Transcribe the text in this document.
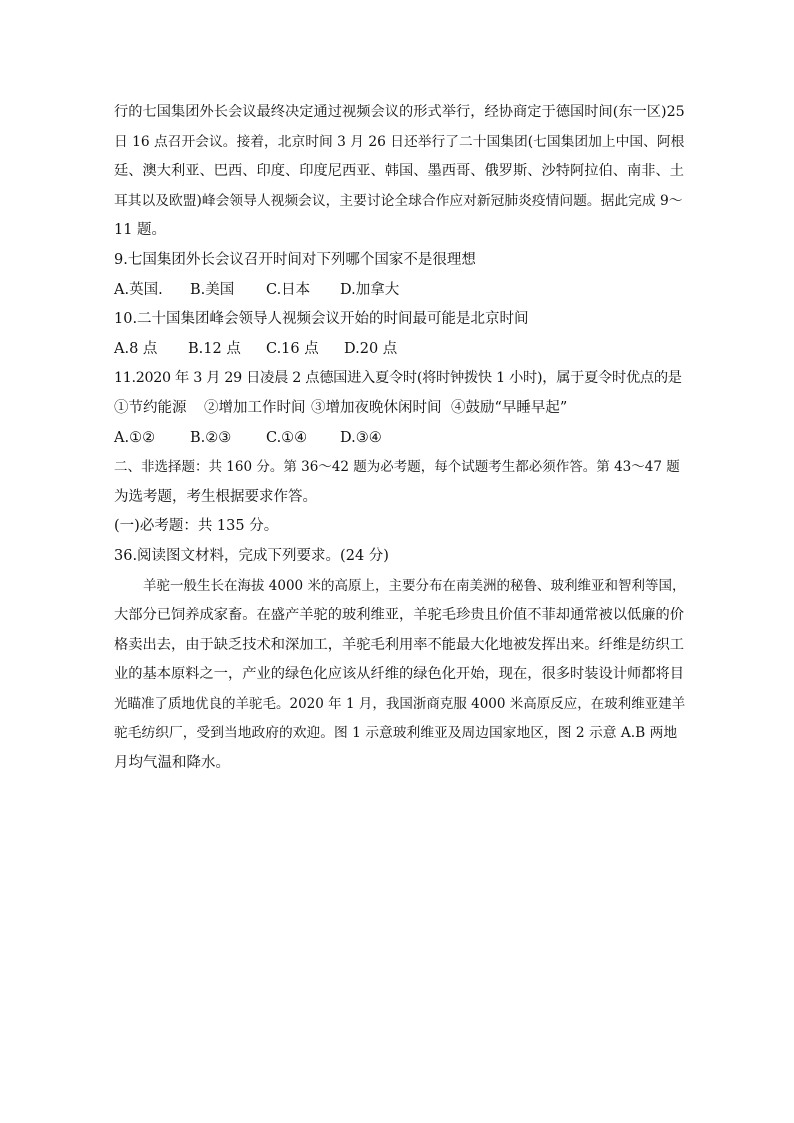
行的七国集团外长会议最终决定通过视频会议的形式举行，经协商定于德国时间(东一区)25
日 16 点召开会议。接着，北京时间 3 月 26 日还举行了二十国集团(七国集团加上中国、阿根
廷、澳大利亚、巴西、印度、印度尼西亚、韩国、墨西哥、俄罗斯、沙特阿拉伯、南非、土
耳其以及欧盟)峰会领导人视频会议，主要讨论全球合作应对新冠肺炎疫情问题。据此完成 9～
11 题。
9.七国集团外长会议召开时间对下列哪个国家不是很理想
A.英国.	B.美国	C.日本	D.加拿大
10.二十国集团峰会领导人视频会议开始的时间最可能是北京时间
A.8 点	B.12 点	C.16 点	D.20 点
11.2020 年 3 月 29 日凌晨 2 点德国进入夏令时(将时钟拨快 1 小时)，属于夏令时优点的是
①节约能源	②增加工作时间 ③增加夜晚休闲时间 ④鼓励“早睡早起”
A.①②	B.②③	C.①④	D.③④
二、非选择题：共 160 分。第 36～42 题为必考题，每个试题考生都必须作答。第 43～47 题
为选考题，考生根据要求作答。
(一)必考题：共 135 分。
36.阅读图文材料，完成下列要求。(24 分)
羊驼一般生长在海拔 4000 米的高原上，主要分布在南美洲的秘鲁、玻利维亚和智利等国，
大部分已饲养成家畜。在盛产羊驼的玻利维亚，羊驼毛珍贵且价值不菲却通常被以低廉的价
格卖出去，由于缺乏技术和深加工，羊驼毛利用率不能最大化地被发挥出来。纤维是纺织工
业的基本原料之一，产业的绿色化应该从纤维的绿色化开始，现在，很多时装设计师都将目
光瞄准了质地优良的羊驼毛。2020 年 1 月，我国浙商克服 4000 米高原反应，在玻利维亚建羊
驼毛纺织厂，受到当地政府的欢迎。图 1 示意玻利维亚及周边国家地区，图 2 示意 A.B 两地
月均气温和降水。
